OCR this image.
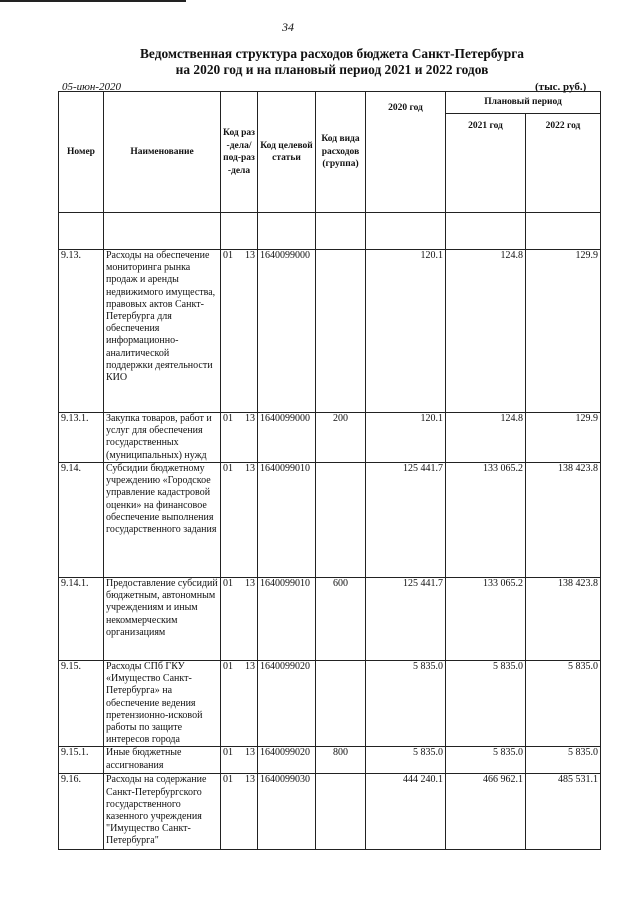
34
Ведомственная структура расходов бюджета Санкт-Петербурга
на 2020 год и на плановый период 2021 и 2022 годов
05-июн-2020	(тыс. руб.)
Номер	Наименование	Код раз-дела/ под-раз-дела	Код целевой статьи	Код вида расходов (группа)	2020 год	Плановый период	
						2021 год	2022 год

9.13.	Расходы на обеспечение мониторинга рынка продаж и аренды недвижимого имущества, правовых актов Санкт-Петербурга для обеспечения информационно-аналитической поддержки деятельности КИО	01 13	1640099000		120.1	124.8	129.9
9.13.1.	Закупка товаров, работ и услуг для обеспечения государственных (муниципальных) нужд	01 13	1640099000	200	120.1	124.8	129.9
9.14.	Субсидии бюджетному учреждению «Городское управление кадастровой оценки» на финансовое обеспечение выполнения государственного задания	01 13	1640099010		125 441.7	133 065.2	138 423.8
9.14.1.	Предоставление субсидий бюджетным, автономным учреждениям и иным некоммерческим организациям	01 13	1640099010	600	125 441.7	133 065.2	138 423.8
9.15.	Расходы СПб ГКУ «Имущество Санкт-Петербурга» на обеспечение ведения претензионно-исковой работы по защите интересов города	01 13	1640099020		5 835.0	5 835.0	5 835.0
9.15.1.	Иные бюджетные ассигнования	01 13	1640099020	800	5 835.0	5 835.0	5 835.0
9.16.	Расходы на содержание Санкт-Петербургского государственного казенного учреждения "Имущество Санкт-Петербурга"	01 13	1640099030		444 240.1	466 962.1	485 531.1
